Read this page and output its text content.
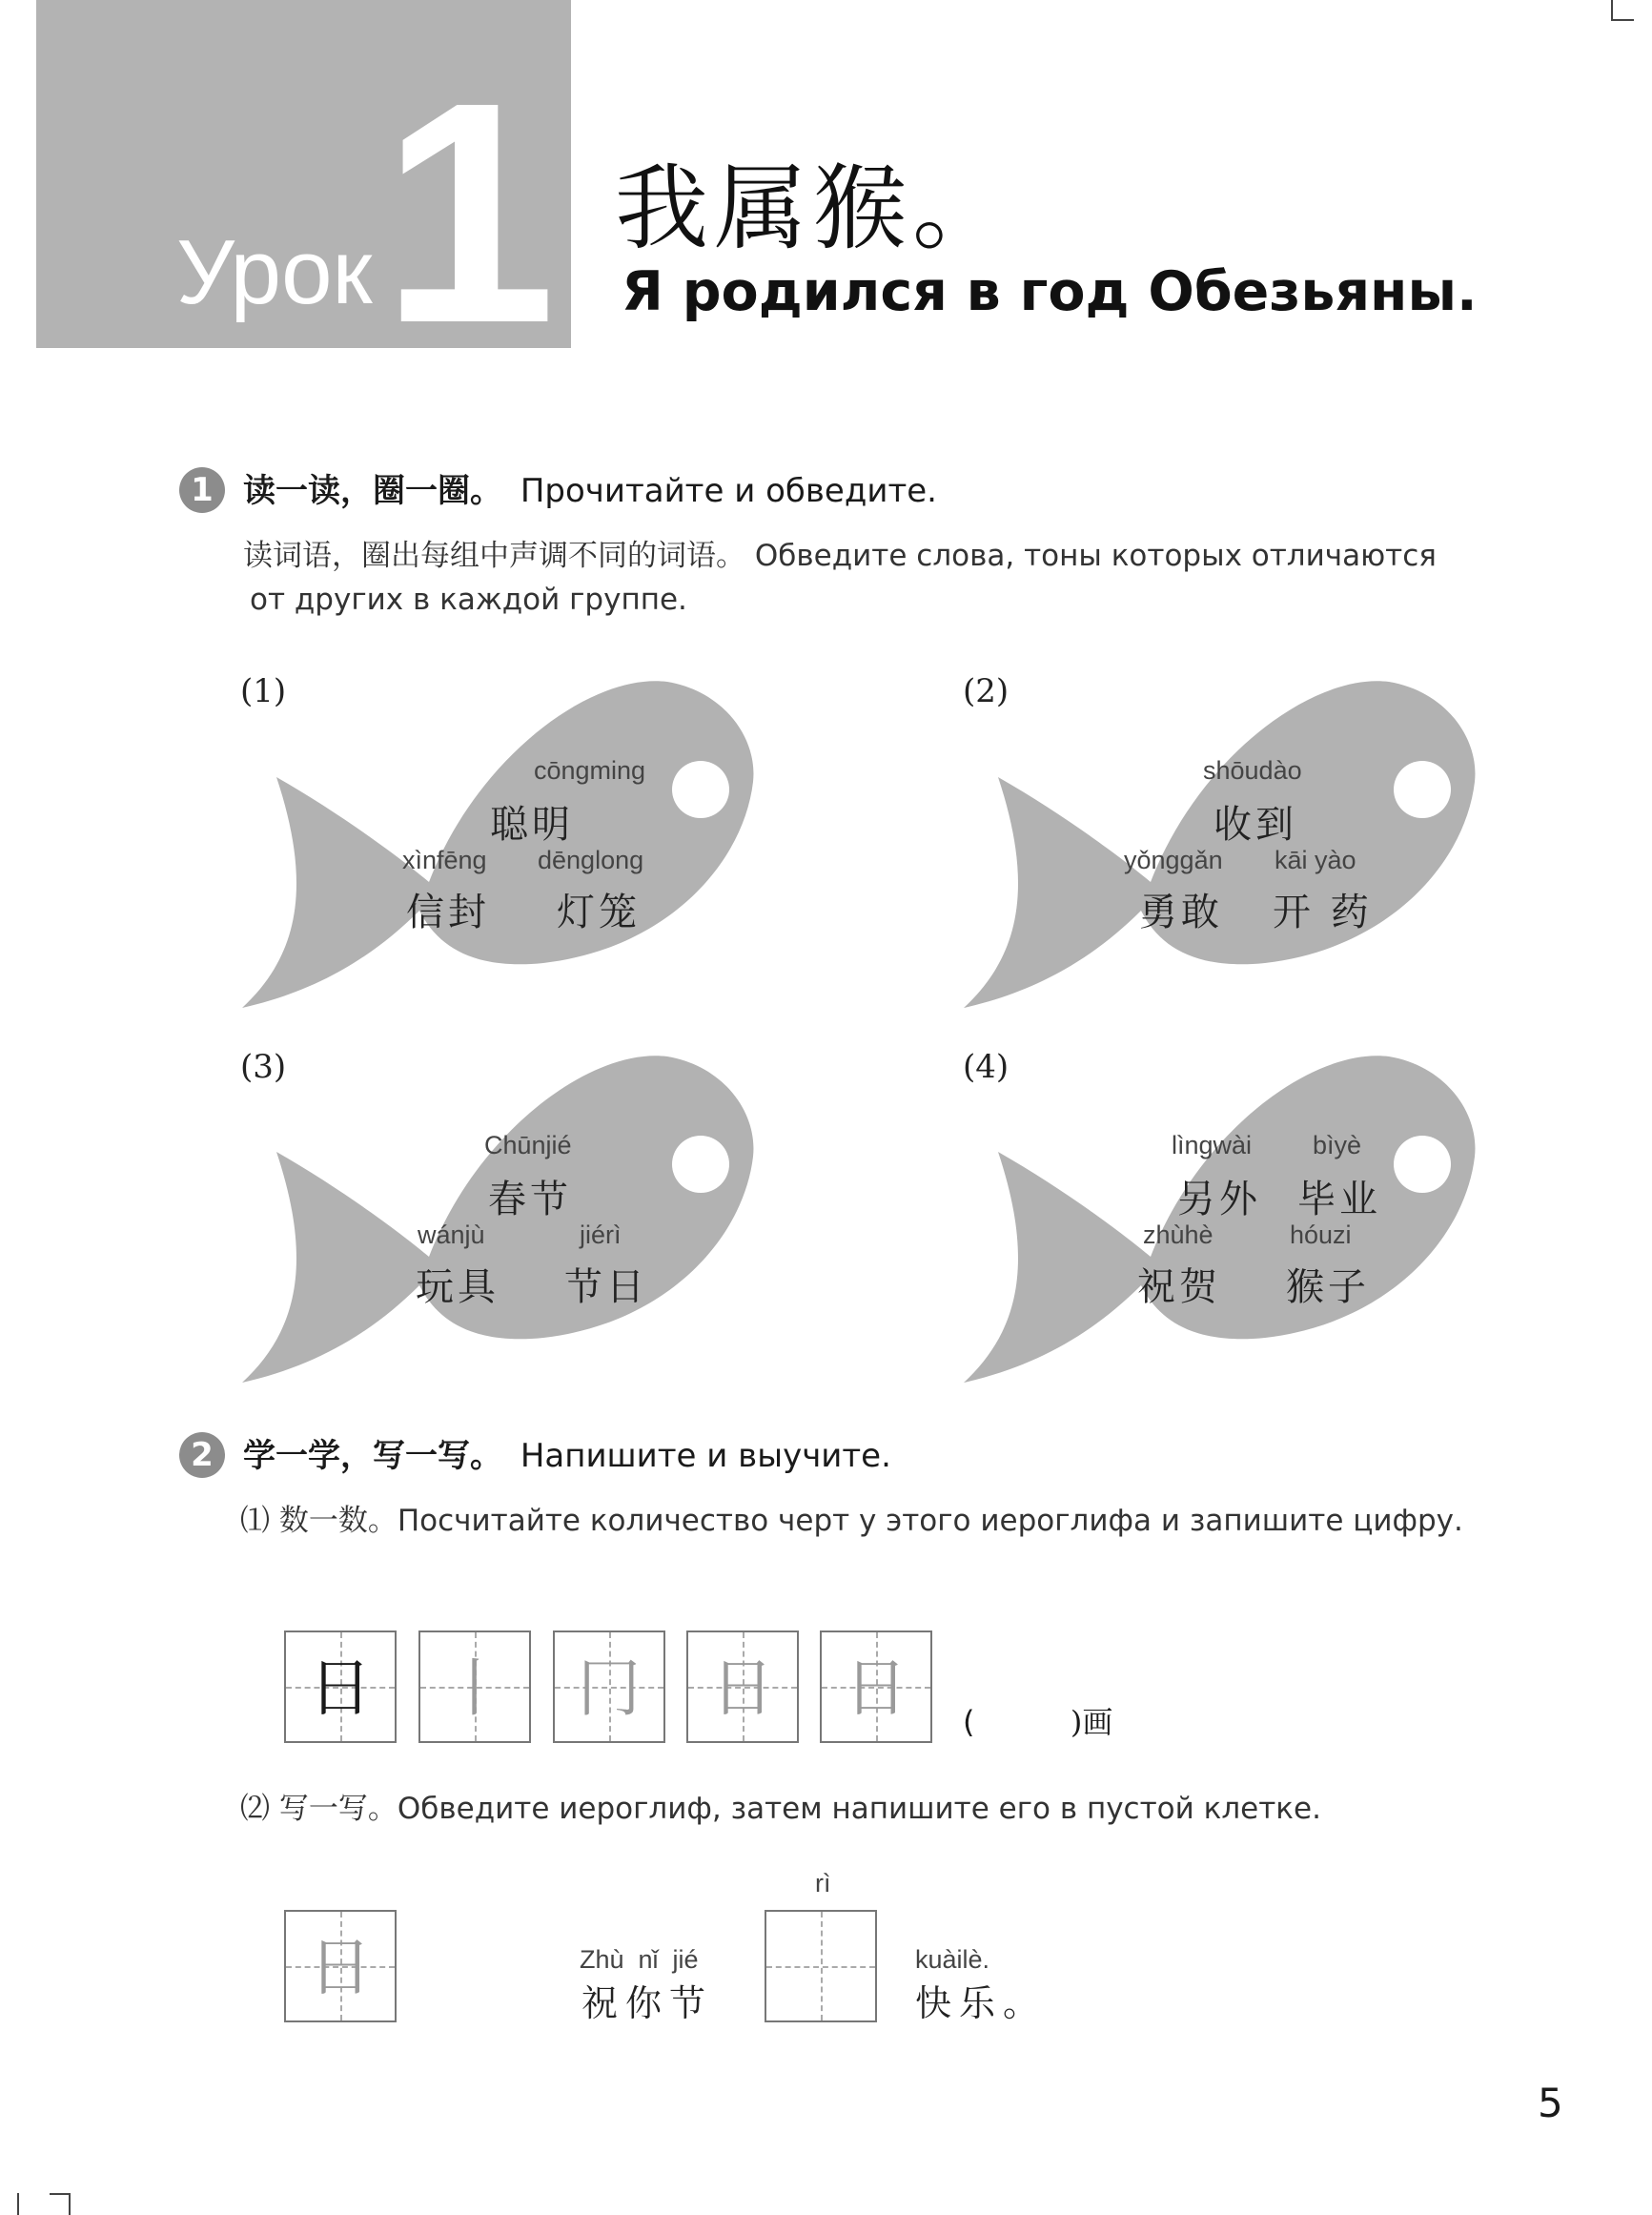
Урок 1 我属猴。
Я родился в год Обезьяны.
1 读一读，圈一圈。 Прочитайте и обведите.
读词语，圈出每组中声调不同的词语。 Обведите слова, тоны которых отличаются
от других в каждой группе.
(1)	(2)
(3)	(4)
cōngming
聪明
xìnfēng
信封
dēnglong
灯笼
shōudào
收到
yǒnggǎn
勇敢
kāi yào
开 药
Chūnjié
春节
wánjù
玩具
jiérì
节日
lìngwài
另外
bìyè
毕业
zhùhè
祝贺
hóuzi
猴子
2 学一学，写一写。 Напишите и выучите.
⑴ 数一数。Посчитайте количество черт у этого иероглифа и запишите цифру.
日	丨	冂	日	日	(	)画
⑵ 写一写。Обведите иероглиф, затем напишите его в пустой клетке.
日	Zhù  nǐ  jié
祝你节
rì
kuàilè.
快乐。
5
